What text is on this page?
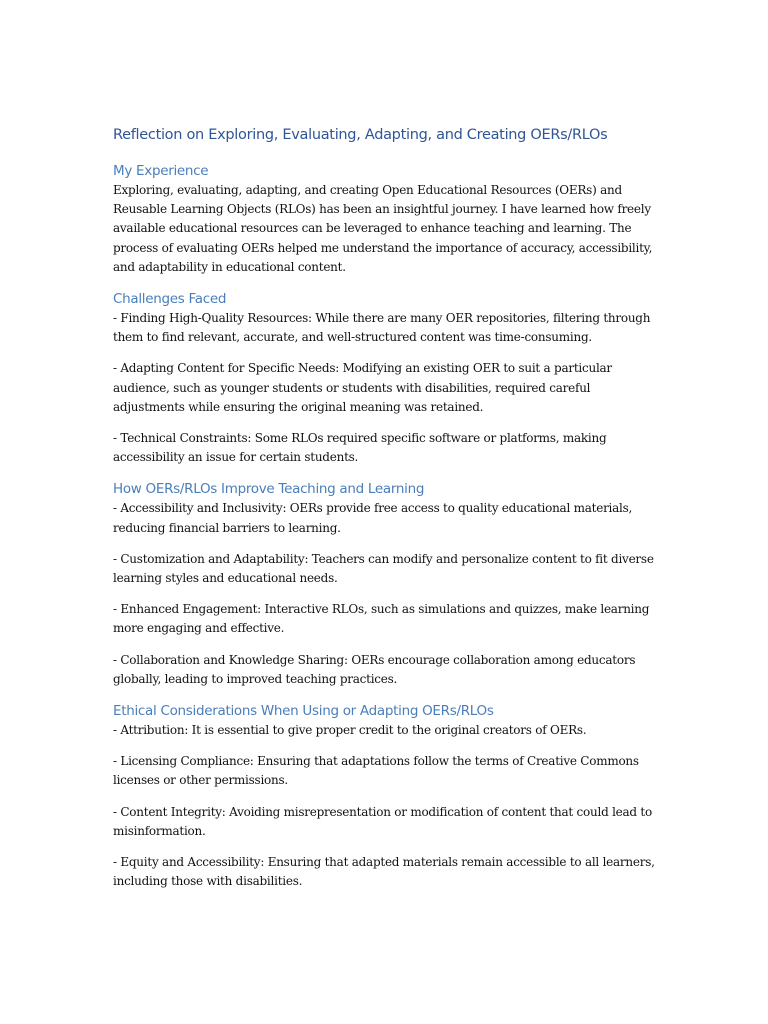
Reflection on Exploring, Evaluating, Adapting, and Creating OERs/RLOs
My Experience

Exploring, evaluating, adapting, and creating Open Educational Resources (OERs) and Reusable Learning Objects (RLOs) has been an insightful journey. I have learned how freely available educational resources can be leveraged to enhance teaching and learning. The process of evaluating OERs helped me understand the importance of accuracy, accessibility, and adaptability in educational content.

Challenges Faced

- Finding High-Quality Resources: While there are many OER repositories, filtering through them to find relevant, accurate, and well-structured content was time-consuming.

- Adapting Content for Specific Needs: Modifying an existing OER to suit a particular audience, such as younger students or students with disabilities, required careful adjustments while ensuring the original meaning was retained.

- Technical Constraints: Some RLOs required specific software or platforms, making accessibility an issue for certain students.

How OERs/RLOs Improve Teaching and Learning

- Accessibility and Inclusivity: OERs provide free access to quality educational materials, reducing financial barriers to learning.

- Customization and Adaptability: Teachers can modify and personalize content to fit diverse learning styles and educational needs.

- Enhanced Engagement: Interactive RLOs, such as simulations and quizzes, make learning more engaging and effective.

- Collaboration and Knowledge Sharing: OERs encourage collaboration among educators globally, leading to improved teaching practices.

Ethical Considerations When Using or Adapting OERs/RLOs

- Attribution: It is essential to give proper credit to the original creators of OERs.

- Licensing Compliance: Ensuring that adaptations follow the terms of Creative Commons licenses or other permissions.

- Content Integrity: Avoiding misrepresentation or modification of content that could lead to misinformation.

- Equity and Accessibility: Ensuring that adapted materials remain accessible to all learners, including those with disabilities.
